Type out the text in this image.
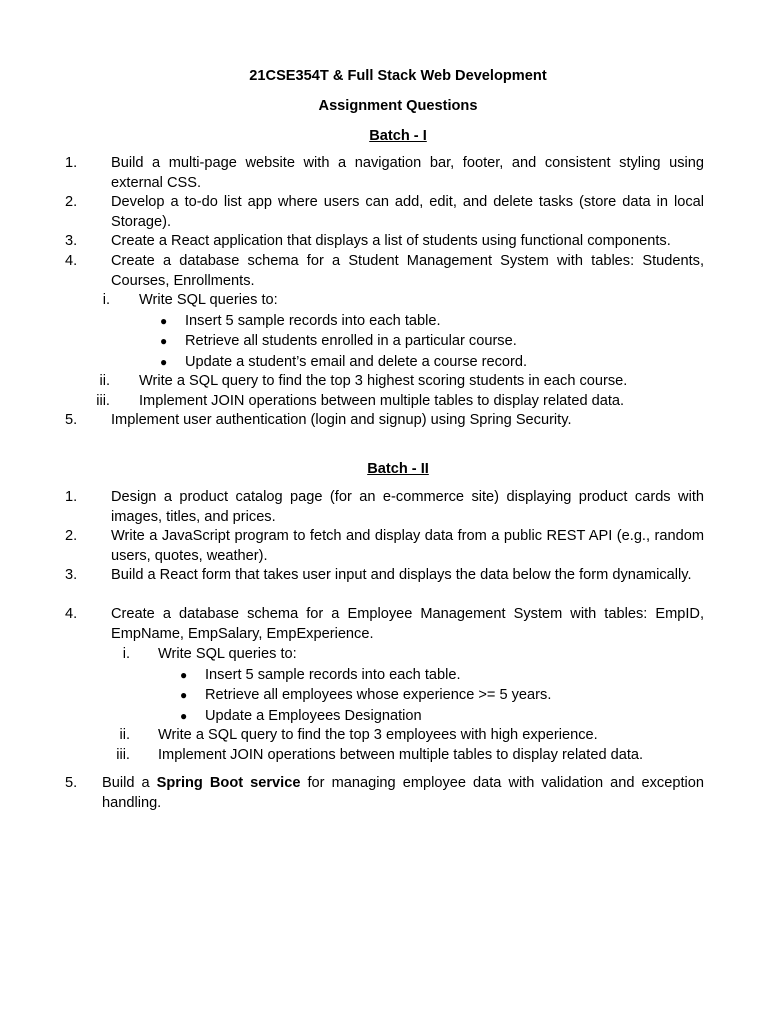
21CSE354T & Full Stack Web Development
Assignment Questions
Batch - I
1. Build a multi-page website with a navigation bar, footer, and consistent styling using external CSS.
2. Develop a to-do list app where users can add, edit, and delete tasks (store data in local Storage).
3. Create a React application that displays a list of students using functional components.
4. Create a database schema for a Student Management System with tables: Students, Courses, Enrollments.
i. Write SQL queries to:
● Insert 5 sample records into each table.
● Retrieve all students enrolled in a particular course.
● Update a student’s email and delete a course record.
ii. Write a SQL query to find the top 3 highest scoring students in each course.
iii. Implement JOIN operations between multiple tables to display related data.
5. Implement user authentication (login and signup) using Spring Security.
Batch - II
1. Design a product catalog page (for an e-commerce site) displaying product cards with images, titles, and prices.
2. Write a JavaScript program to fetch and display data from a public REST API (e.g., random users, quotes, weather).
3. Build a React form that takes user input and displays the data below the form dynamically.
4. Create a database schema for a Employee Management System with tables: EmpID, EmpName, EmpSalary, EmpExperience.
i. Write SQL queries to:
● Insert 5 sample records into each table.
● Retrieve all employees whose experience >= 5 years.
● Update a Employees Designation
ii. Write a SQL query to find the top 3 employees with high experience.
iii. Implement JOIN operations between multiple tables to display related data.
5. Build a Spring Boot service for managing employee data with validation and exception handling.
